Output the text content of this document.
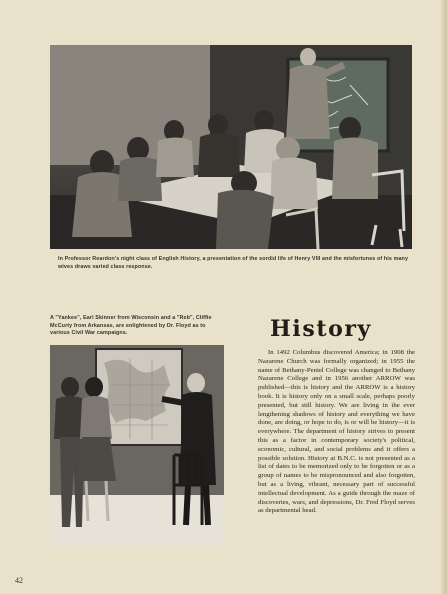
In Professor Reardon's night class of English History, a presentation of the sordid life of Henry VIII and the misfortunes of his many wives draws varied class response.
A "Yankee", Earl Skinner from Wisconsin and a "Reb", Cliffie McCurty from Arkansas, are enlightened by Dr. Floyd as to various Civil War campaigns.	History
In 1492 Columbus discovered America; in 1908 the Nazarene Church was formally organized; in 1955 the name of Bethany-Peniel College was changed to Bethany Nazarene College and in 1956 another ARROW was published—this is history and the ARROW is a history book. It is history only on a small scale, perhaps poorly presented, but still history. We are living in the ever lengthening shadows of history and everything we have done, are doing, or hope to do, is or will be history—it is everywhere. The department of history strives to present this as a factor in contemporary society's political, economic, cultural, and social problems and it offers a possible solution. History at B.N.C. is not presented as a list of dates to be memorized only to be forgotten or as a group of names to be mispronounced and also forgotten, but as a living, vibrant, necessary part of successful intellectual development. As a guide through the maze of discoveries, wars, and depressions, Dr. Fred Floyd serves as departmental head.
42
